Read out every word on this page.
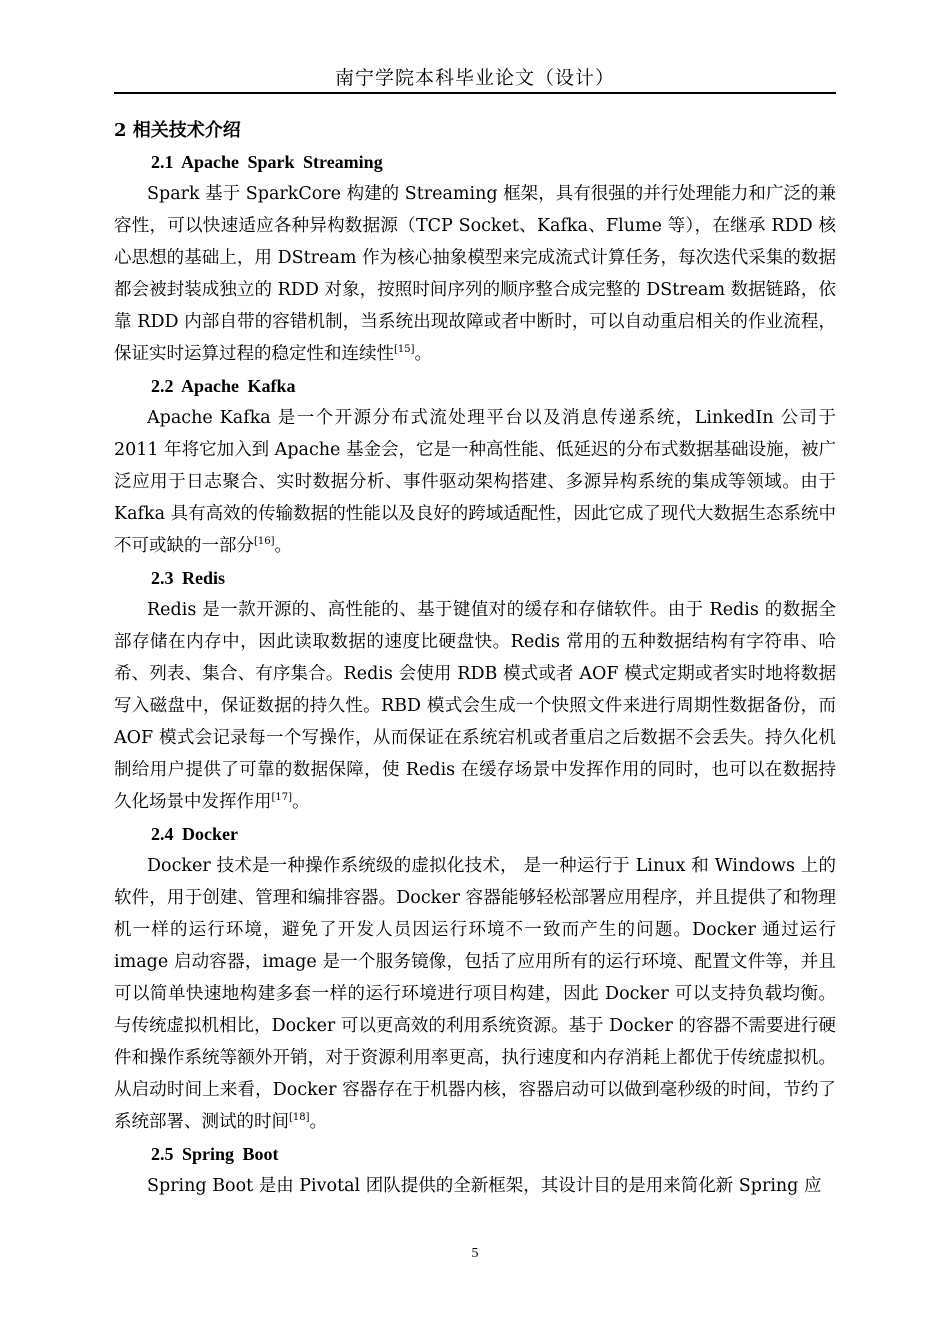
南宁学院本科毕业论文（设计）
2 相关技术介绍
2.1 Apache Spark Streaming

Spark 基于 SparkCore 构建的 Streaming 框架，具有很强的并行处理能力和广泛的兼容性，可以快速适应各种异构数据源（TCP Socket、Kafka、Flume 等），在继承 RDD 核心思想的基础上，用 DStream 作为核心抽象模型来完成流式计算任务，每次迭代采集的数据都会被封装成独立的 RDD 对象，按照时间序列的顺序整合成完整的 DStream 数据链路，依靠 RDD 内部自带的容错机制，当系统出现故障或者中断时，可以自动重启相关的作业流程，保证实时运算过程的稳定性和连续性[15]。

2.2 Apache Kafka

Apache Kafka 是一个开源分布式流处理平台以及消息传递系统，LinkedIn 公司于 2011 年将它加入到 Apache 基金会，它是一种高性能、低延迟的分布式数据基础设施，被广泛应用于日志聚合、实时数据分析、事件驱动架构搭建、多源异构系统的集成等领域。由于 Kafka 具有高效的传输数据的性能以及良好的跨域适配性，因此它成了现代大数据生态系统中不可或缺的一部分[16]。

2.3 Redis

Redis 是一款开源的、高性能的、基于键值对的缓存和存储软件。由于 Redis 的数据全部存储在内存中，因此读取数据的速度比硬盘快。Redis 常用的五种数据结构有字符串、哈希、列表、集合、有序集合。Redis 会使用 RDB 模式或者 AOF 模式定期或者实时地将数据写入磁盘中，保证数据的持久性。RBD 模式会生成一个快照文件来进行周期性数据备份，而 AOF 模式会记录每一个写操作，从而保证在系统宕机或者重启之后数据不会丢失。持久化机制给用户提供了可靠的数据保障，使 Redis 在缓存场景中发挥作用的同时，也可以在数据持久化场景中发挥作用[17]。

2.4 Docker

Docker 技术是一种操作系统级的虚拟化技术， 是一种运行于 Linux 和 Windows 上的软件，用于创建、管理和编排容器。Docker 容器能够轻松部署应用程序，并且提供了和物理机一样的运行环境，避免了开发人员因运行环境不一致而产生的问题。Docker 通过运行 image 启动容器，image 是一个服务镜像，包括了应用所有的运行环境、配置文件等，并且可以简单快速地构建多套一样的运行环境进行项目构建，因此 Docker 可以支持负载均衡。与传统虚拟机相比，Docker 可以更高效的利用系统资源。基于 Docker 的容器不需要进行硬件和操作系统等额外开销，对于资源利用率更高，执行速度和内存消耗上都优于传统虚拟机。从启动时间上来看，Docker 容器存在于机器内核，容器启动可以做到毫秒级的时间，节约了系统部署、测试的时间[18]。

2.5 Spring Boot

Spring Boot 是由 Pivotal 团队提供的全新框架，其设计目的是用来简化新 Spring 应

5
